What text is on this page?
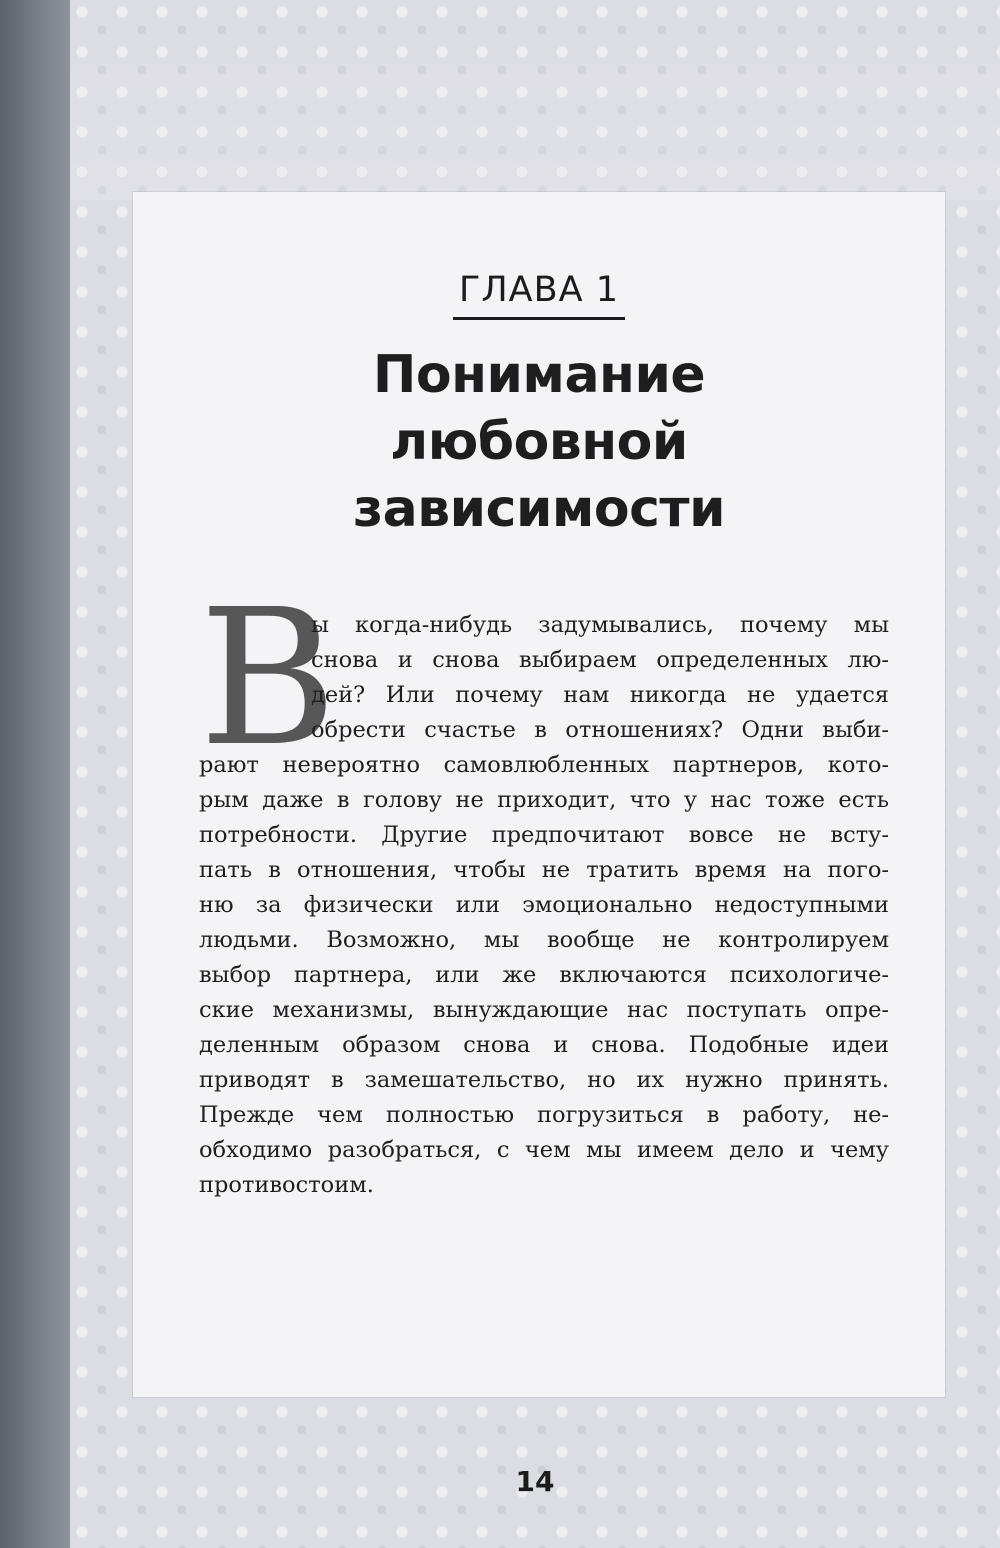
ГЛАВА 1
Понимание
любовной
зависимости
В
ы когда-нибудь задумывались, почему мы
снова и снова выбираем определенных лю-
дей? Или почему нам никогда не удается
обрести счастье в отношениях? Одни выби-
рают невероятно самовлюбленных партнеров, кото-
рым даже в голову не приходит, что у нас тоже есть
потребности. Другие предпочитают вовсе не всту-
пать в отношения, чтобы не тратить время на пого-
ню за физически или эмоционально недоступными
людьми. Возможно, мы вообще не контролируем
выбор партнера, или же включаются психологиче-
ские механизмы, вынуждающие нас поступать опре-
деленным образом снова и снова. Подобные идеи
приводят в замешательство, но их нужно принять.
Прежде чем полностью погрузиться в работу, не-
обходимо разобраться, с чем мы имеем дело и чему
противостоим.
14
